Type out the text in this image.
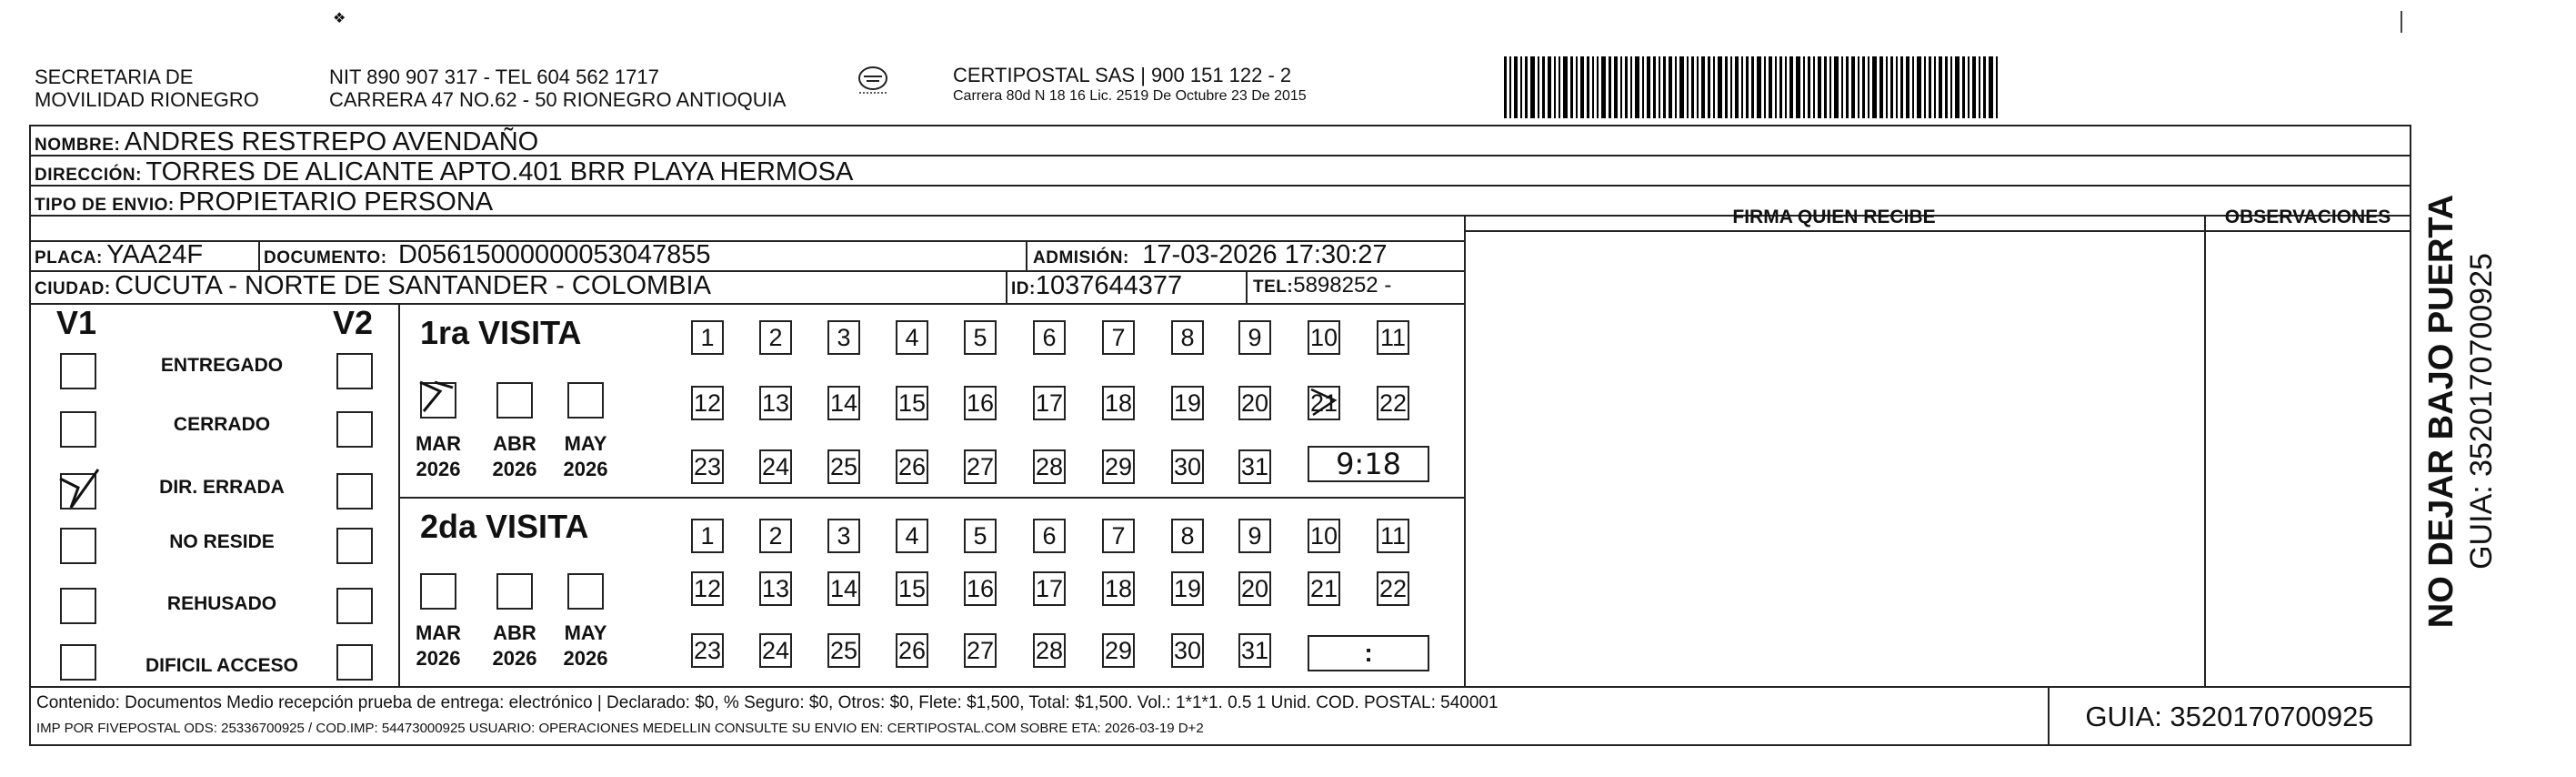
SECRETARIA DE
MOVILIDAD RIONEGRO
NIT 890 907 317 - TEL 604 562 1717
CARRERA 47 NO.62 - 50 RIONEGRO ANTIOQUIA
CERTIPOSTAL SAS | 900 151 122 - 2
Carrera 80d N 18 16 Lic. 2519 De Octubre 23 De 2015
NOMBRE: ANDRES RESTREPO AVENDAÑO
DIRECCIÓN: TORRES DE ALICANTE APTO.401 BRR PLAYA HERMOSA
TIPO DE ENVIO: PROPIETARIO PERSONA
FIRMA QUIEN RECIBE	OBSERVACIONES
PLACA: YAA24F	DOCUMENTO: D05615000000053047855	ADMISIÓN: 17-03-2026 17:30:27
CIUDAD: CUCUTA - NORTE DE SANTANDER - COLOMBIA	ID:1037644377	TEL:5898252 -
V1	V2
ENTREGADO
CERRADO
DIR. ERRADA
NO RESIDE
REHUSADO
DIFICIL ACCESO
1ra VISITA
2da VISITA
MAR ABR MAY
2026 2026 2026
MAR ABR MAY
2026 2026 2026
1	2	3	4	5	6	7	8	9	10 11
12 13 14 15 16 17 18 19 20 21 22
23 24 25 26 27 28 29 30 31
1	2	3	4	5	6	7	8	9	10 11
12 13 14 15 16 17 18 19 20 21 22
23 24 25 26 27 28 29 30 31
9:18
:
Contenido: Documentos Medio recepción prueba de entrega: electrónico | Declarado: $0, % Seguro: $0, Otros: $0, Flete: $1,500, Total: $1,500. Vol.: 1*1*1. 0.5 1 Unid. COD. POSTAL: 540001
IMP POR FIVEPOSTAL ODS: 25336700925 / COD.IMP: 54473000925 USUARIO: OPERACIONES MEDELLIN CONSULTE SU ENVIO EN: CERTIPOSTAL.COM SOBRE ETA: 2026-03-19 D+2	GUIA: 3520170700925
NO DEJAR BAJO PUERTA GUIA: 3520170700925
❖
